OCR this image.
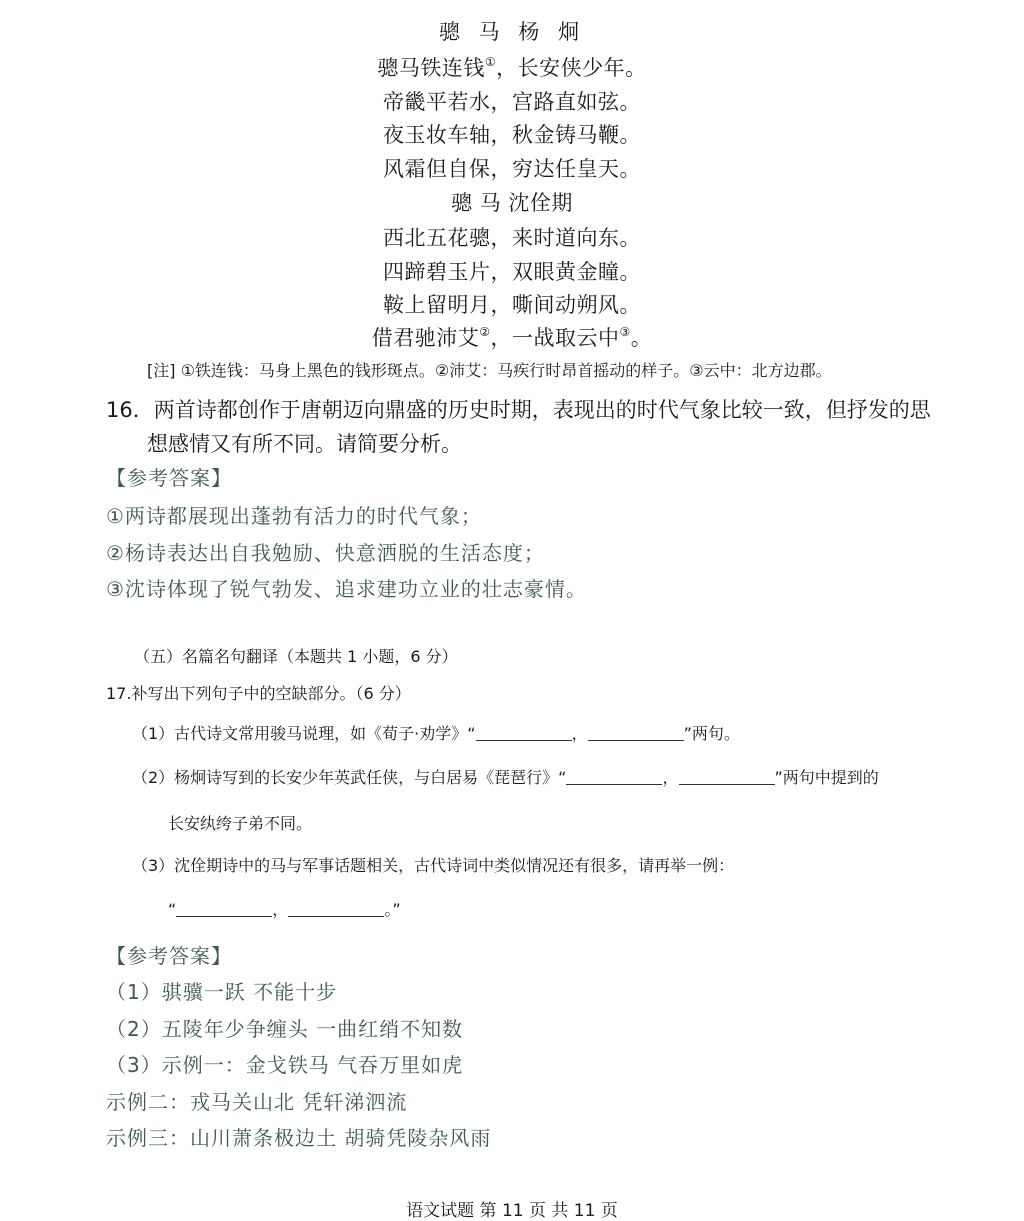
骢 马 杨 炯
骢马铁连钱①，长安侠少年。
帝畿平若水，宫路直如弦。
夜玉妆车轴，秋金铸马鞭。
风霜但自保，穷达任皇天。
骢 马 沈佺期
西北五花骢，来时道向东。
四蹄碧玉片，双眼黄金瞳。
鞍上留明月，嘶间动朔风。
借君驰沛艾②，一战取云中③。
[注] ①铁连钱：马身上黑色的钱形斑点。②沛艾：马疾行时昂首摇动的样子。③云中：北方边郡。
16．两首诗都创作于唐朝迈向鼎盛的历史时期，表现出的时代气象比较一致，但抒发的思
想感情又有所不同。请简要分析。
【参考答案】
①两诗都展现出蓬勃有活力的时代气象；
②杨诗表达出自我勉励、快意洒脱的生活态度；
③沈诗体现了锐气勃发、追求建功立业的壮志豪情。
（五）名篇名句翻译（本题共 1 小题，6 分）
17.补写出下列句子中的空缺部分。（6 分）
（1）古代诗文常用骏马说理，如《荀子·劝学》“	，	”两句。
（2）杨炯诗写到的长安少年英武任侠，与白居易《琵琶行》“	，	”两句中提到的
长安纨绔子弟不同。
（3）沈佺期诗中的马与军事话题相关，古代诗词中类似情况还有很多，请再举一例：
“	，	。”
【参考答案】
（1）骐骥一跃 不能十步
（2）五陵年少争缠头 一曲红绡不知数
（3）示例一：金戈铁马 气吞万里如虎
示例二：戎马关山北 凭轩涕泗流
示例三：山川萧条极边土 胡骑凭陵杂风雨
语文试题 第 11 页 共 11 页
